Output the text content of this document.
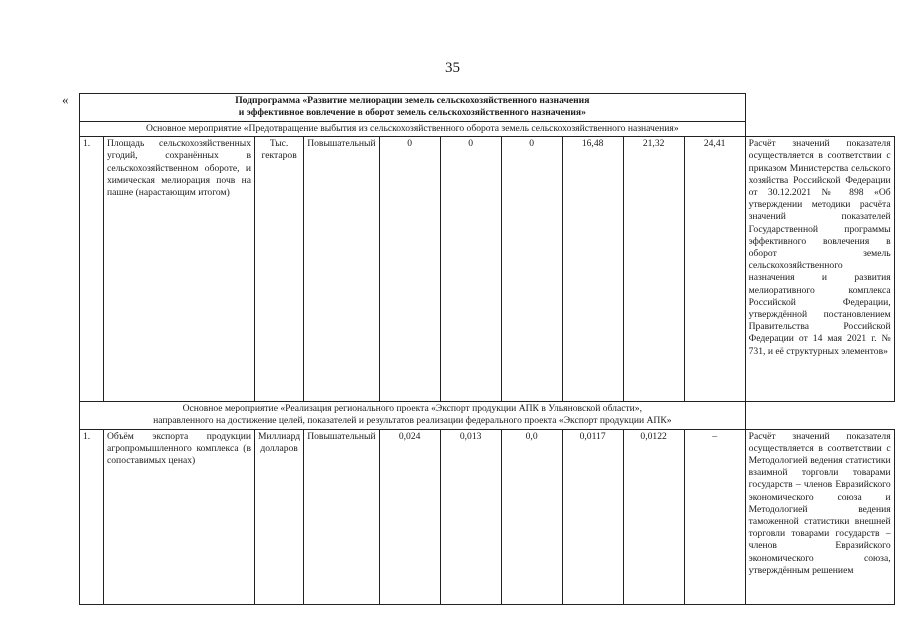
35
«	Подпрограмма «Развитие мелиорации земель сельскохозяйственного назначения
и эффективное вовлечение в оборот земель сельскохозяйственного назначения»										

Основное мероприятие «Предотвращение выбытия из сельскохозяйственного оборота земель сельскохозяйственного назначения»										
1.	Площадь сельскохозяйственных угодий, сохранённых в сельскохозяйственном обороте, и химическая мелиорация почв на пашне (нарастающим итогом)	Тыс. гектаров	Повышательный	0	0	0	16,48	21,32	24,41	Расчёт значений показателя осуществляется в соответствии с приказом Министерства сельского хозяйства Российской Федерации от 30.12.2021 № 898 «Об утверждении методики расчёта значений показателей Государственной программы эффективного вовлечения в оборот земель сельскохозяйственного назначения и развития мелиоративного комплекса Российской Федерации, утверждённой постановлением Правительства Российской Федерации от 14 мая 2021 г. № 731, и её структурных элементов»

Основное мероприятие «Реализация регионального проекта «Экспорт продукции АПК в Ульяновской области»,
направленного на достижение целей, показателей и результатов реализации федерального проекта «Экспорт продукции АПК»										

1.	Объём экспорта продукции агропромышленного комплекса (в сопоставимых ценах)	Миллиард долларов	Повышательный	0,024	0,013	0,0	0,0117	0,0122	–	Расчёт значений показателя осуществляется в соответствии с Методологией ведения статистики взаимной торговли товарами государств – членов Евразийского экономического союза и Методологией ведения таможенной статистики внешней торговли товарами государств – членов Евразийского экономического союза, утверждённым решением
